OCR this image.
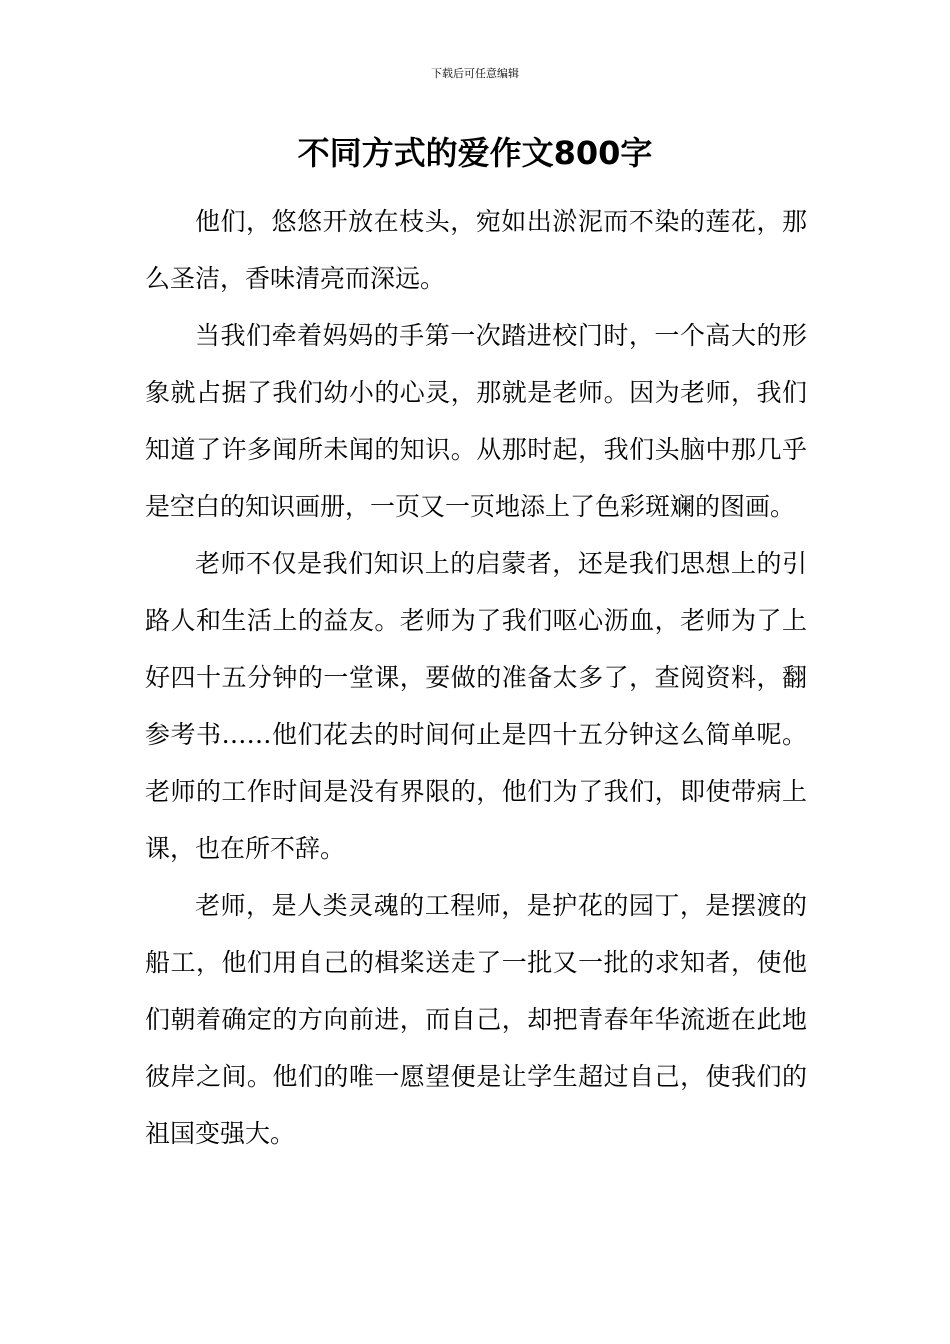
下载后可任意编辑
不同方式的爱作文800字

他们，悠悠开放在枝头，宛如出淤泥而不染的莲花，那么圣洁，香味清亮而深远。

当我们牵着妈妈的手第一次踏进校门时，一个高大的形象就占据了我们幼小的心灵，那就是老师。因为老师，我们知道了许多闻所未闻的知识。从那时起，我们头脑中那几乎是空白的知识画册，一页又一页地添上了色彩斑斓的图画。

老师不仅是我们知识上的启蒙者，还是我们思想上的引路人和生活上的益友。老师为了我们呕心沥血，老师为了上好四十五分钟的一堂课，要做的准备太多了，查阅资料，翻参考书……他们花去的时间何止是四十五分钟这么简单呢。老师的工作时间是没有界限的，他们为了我们，即使带病上课，也在所不辞。

老师，是人类灵魂的工程师，是护花的园丁，是摆渡的船工，他们用自己的楫桨送走了一批又一批的求知者，使他们朝着确定的方向前进，而自己，却把青春年华流逝在此地彼岸之间。他们的唯一愿望便是让学生超过自己，使我们的祖国变强大。
